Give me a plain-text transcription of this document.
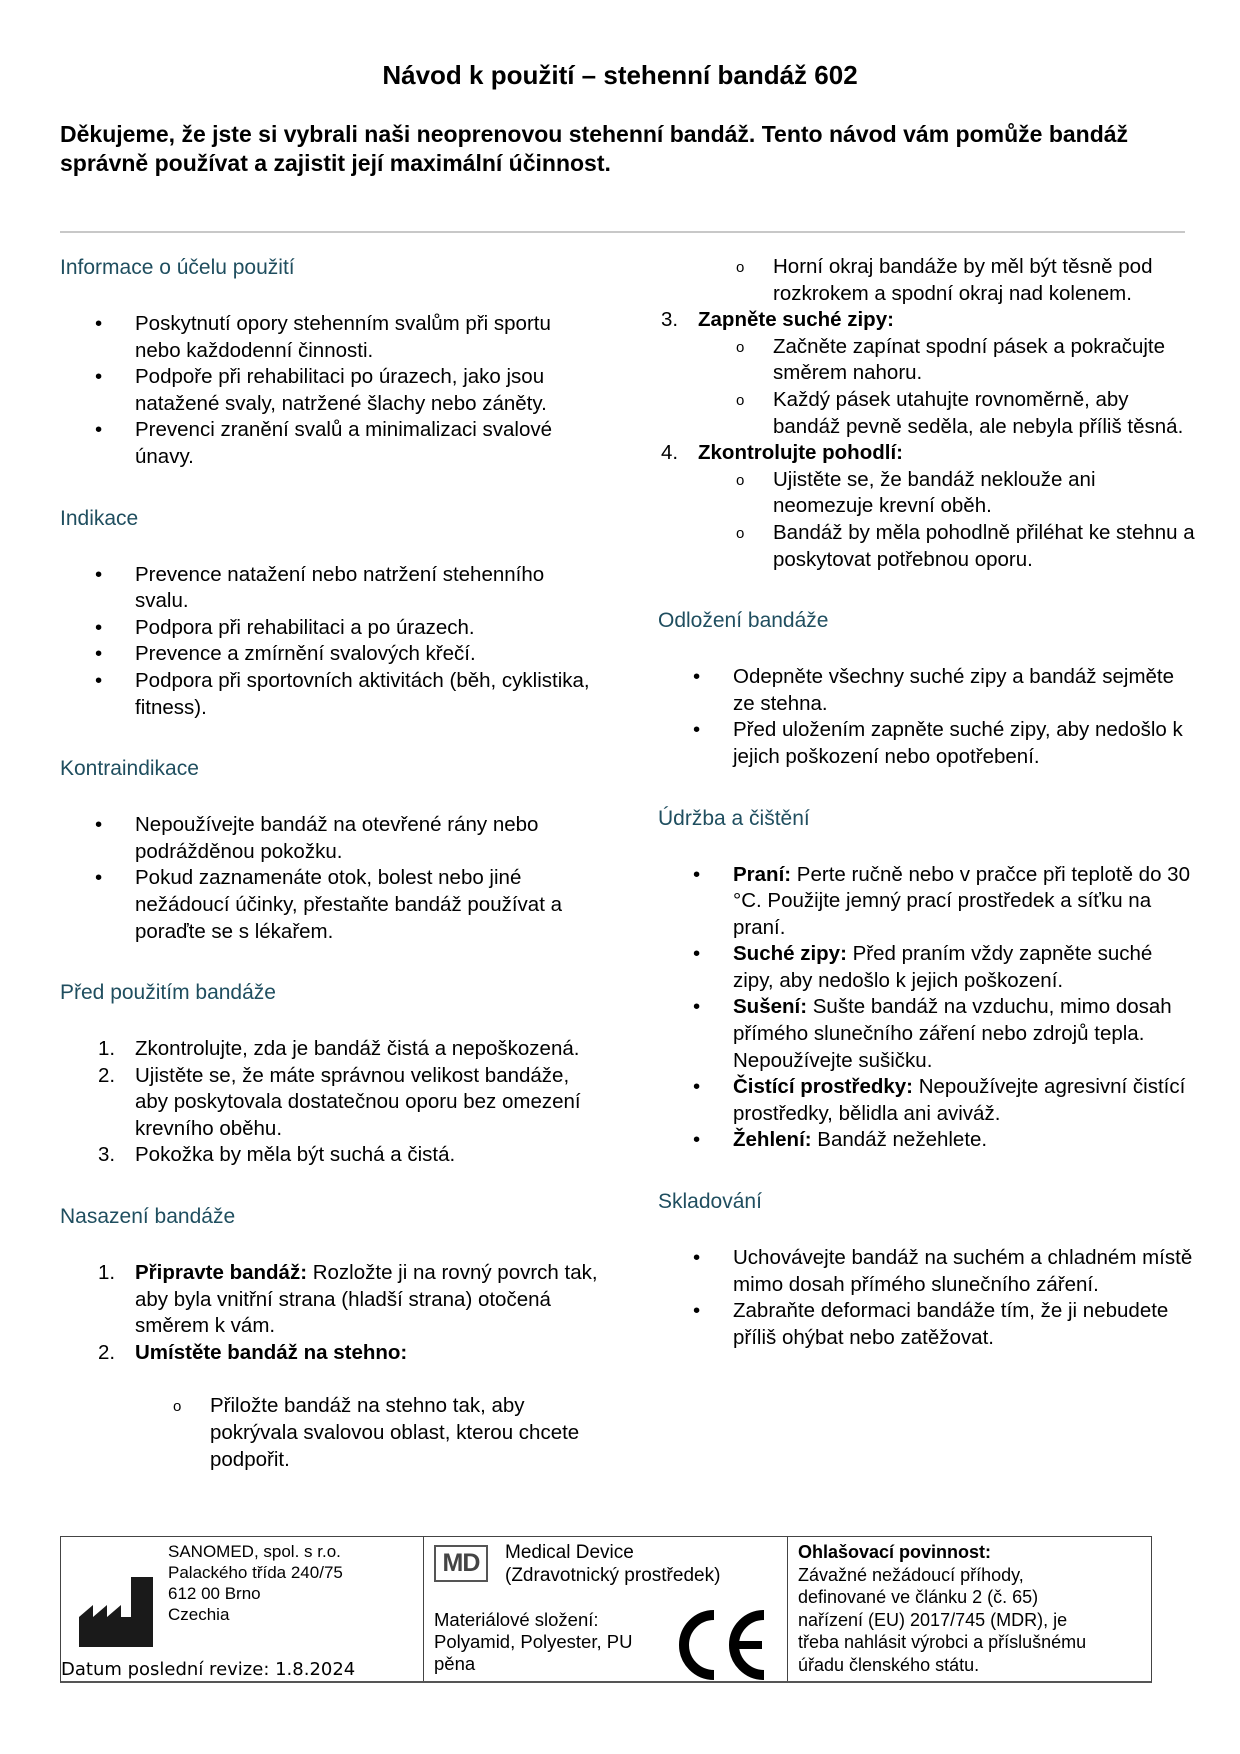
Návod k použití – stehenní bandáž 602
Děkujeme, že jste si vybrali naši neoprenovou stehenní bandáž. Tento návod vám pomůže bandáž správně používat a zajistit její maximální účinnost.
Informace o účelu použití
• Poskytnutí opory stehenním svalům při sportu nebo každodenní činnosti.
• Podpoře při rehabilitaci po úrazech, jako jsou natažené svaly, natržené šlachy nebo záněty.
• Prevenci zranění svalů a minimalizaci svalové únavy.
Indikace
• Prevence natažení nebo natržení stehenního svalu.
• Podpora při rehabilitaci a po úrazech.
• Prevence a zmírnění svalových křečí.
• Podpora při sportovních aktivitách (běh, cyklistika, fitness).
Kontraindikace
• Nepoužívejte bandáž na otevřené rány nebo podrážděnou pokožku.
• Pokud zaznamenáte otok, bolest nebo jiné nežádoucí účinky, přestaňte bandáž používat a poraďte se s lékařem.
Před použitím bandáže
1. Zkontrolujte, zda je bandáž čistá a nepoškozená.
2. Ujistěte se, že máte správnou velikost bandáže, aby poskytovala dostatečnou oporu bez omezení krevního oběhu.
3. Pokožka by měla být suchá a čistá.
Nasazení bandáže
1. Připravte bandáž: Rozložte ji na rovný povrch tak, aby byla vnitřní strana (hladší strana) otočená směrem k vám.
2. Umístěte bandáž na stehno:
o Přiložte bandáž na stehno tak, aby pokrývala svalovou oblast, kterou chcete podpořit.
o Horní okraj bandáže by měl být těsně pod rozkrokem a spodní okraj nad kolenem.
3. Zapněte suché zipy:
o Začněte zapínat spodní pásek a pokračujte směrem nahoru.
o Každý pásek utahujte rovnoměrně, aby bandáž pevně seděla, ale nebyla příliš těsná.
4. Zkontrolujte pohodlí:
o Ujistěte se, že bandáž neklouže ani neomezuje krevní oběh.
o Bandáž by měla pohodlně přiléhat ke stehnu a poskytovat potřebnou oporu.
Odložení bandáže
• Odepněte všechny suché zipy a bandáž sejměte ze stehna.
• Před uložením zapněte suché zipy, aby nedošlo k jejich poškození nebo opotřebení.
Údržba a čištění
• Praní: Perte ručně nebo v pračce při teplotě do 30 °C. Použijte jemný prací prostředek a síťku na praní.
• Suché zipy: Před praním vždy zapněte suché zipy, aby nedošlo k jejich poškození.
• Sušení: Sušte bandáž na vzduchu, mimo dosah přímého slunečního záření nebo zdrojů tepla. Nepoužívejte sušičku.
• Čistící prostředky: Nepoužívejte agresivní čistící prostředky, bělidla ani aviváž.
• Žehlení: Bandáž nežehlete.
Skladování
• Uchovávejte bandáž na suchém a chladném místě mimo dosah přímého slunečního záření.
• Zabraňte deformaci bandáže tím, že ji nebudete příliš ohýbat nebo zatěžovat.
SANOMED, spol. s r.o.
Palackého třída 240/75
612 00 Brno
Czechia
Datum poslední revize: 1.8.2024
MD	Medical Device
(Zdravotnický prostředek)
Materiálové složení:
Polyamid, Polyester, PU
pěna
Ohlašovací povinnost:
Závažné nežádoucí příhody,
definované ve článku 2 (č. 65)
nařízení (EU) 2017/745 (MDR), je
třeba nahlásit výrobci a příslušnému
úřadu členského státu.
